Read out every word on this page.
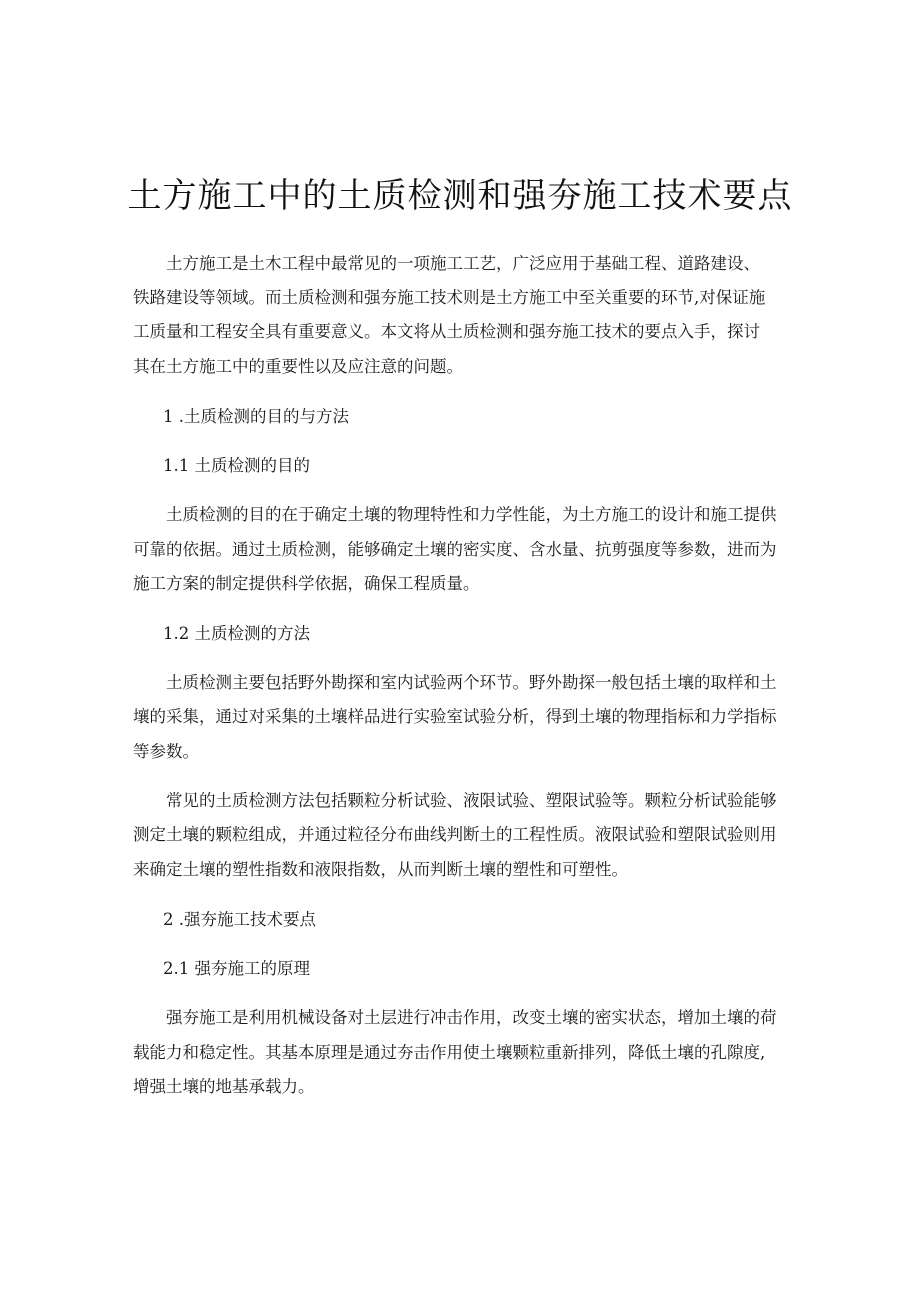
土方施工中的土质检测和强夯施工技术要点

土方施工是土木工程中最常见的一项施工工艺，广泛应用于基础工程、道路建设、

铁路建设等领域。而土质检测和强夯施工技术则是土方施工中至关重要的环节,对保证施

工质量和工程安全具有重要意义。本文将从土质检测和强夯施工技术的要点入手，探讨

其在土方施工中的重要性以及应注意的问题。

1 .土质检测的目的与方法

1.1 土质检测的目的

土质检测的目的在于确定土壤的物理特性和力学性能，为土方施工的设计和施工提供

可靠的依据。通过土质检测，能够确定土壤的密实度、含水量、抗剪强度等参数，进而为

施工方案的制定提供科学依据，确保工程质量。

1.2 土质检测的方法

土质检测主要包括野外勘探和室内试验两个环节。野外勘探一般包括土壤的取样和土

壤的采集，通过对采集的土壤样品进行实验室试验分析，得到土壤的物理指标和力学指标

等参数。

常见的土质检测方法包括颗粒分析试验、液限试验、塑限试验等。颗粒分析试验能够

测定土壤的颗粒组成，并通过粒径分布曲线判断土的工程性质。液限试验和塑限试验则用

来确定土壤的塑性指数和液限指数，从而判断土壤的塑性和可塑性。

2 .强夯施工技术要点

2.1 强夯施工的原理

强夯施工是利用机械设备对土层进行冲击作用，改变土壤的密实状态，增加土壤的荷

载能力和稳定性。其基本原理是通过夯击作用使土壤颗粒重新排列，降低土壤的孔隙度,

增强土壤的地基承载力。
